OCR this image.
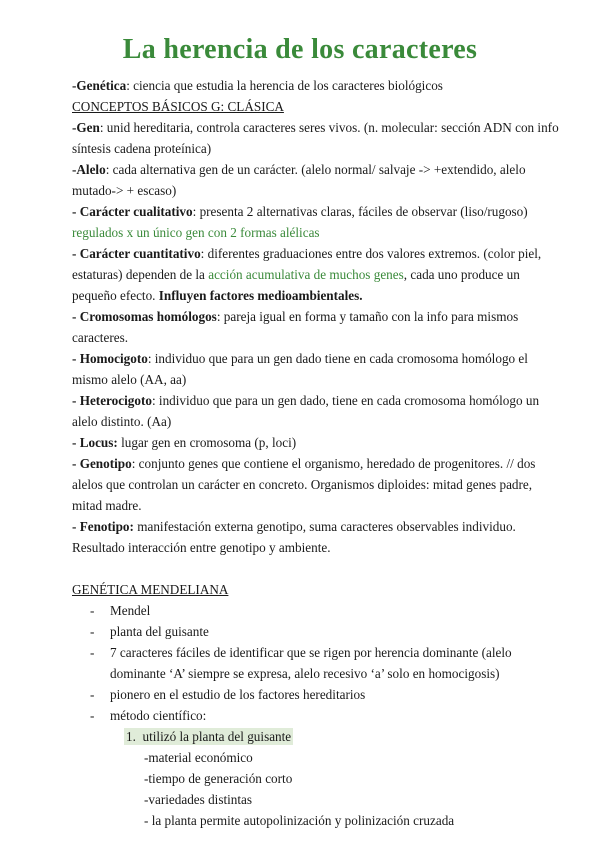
La herencia de los caracteres

-Genética: ciencia que estudia la herencia de los caracteres biológicos

CONCEPTOS BÁSICOS G: CLÁSICA

-Gen: unid hereditaria, controla caracteres seres vivos. (n. molecular: sección ADN con info síntesis cadena proteínica)

-Alelo: cada alternativa gen de un carácter. (alelo normal/ salvaje -> +extendido, alelo mutado-> + escaso)

- Carácter cualitativo: presenta 2 alternativas claras, fáciles de observar (liso/rugoso) regulados x un único gen con 2 formas alélicas

- Carácter cuantitativo: diferentes graduaciones entre dos valores extremos. (color piel, estaturas) dependen de la acción acumulativa de muchos genes, cada uno produce un pequeño efecto. Influyen factores medioambientales.

- Cromosomas homólogos: pareja igual en forma y tamaño con la info para mismos caracteres.

- Homocigoto: individuo que para un gen dado tiene en cada cromosoma homólogo el mismo alelo (AA, aa)

- Heterocigoto: individuo que para un gen dado, tiene en cada cromosoma homólogo un alelo distinto. (Aa)

- Locus: lugar gen en cromosoma (p, loci)

- Genotipo: conjunto genes que contiene el organismo, heredado de progenitores. // dos alelos que controlan un carácter en concreto. Organismos diploides: mitad genes padre, mitad madre.

- Fenotipo: manifestación externa genotipo, suma caracteres observables individuo. Resultado interacción entre genotipo y ambiente.

GENÉTICA MENDELIANA

- Mendel
- planta del guisante
- 7 caracteres fáciles de identificar que se rigen por herencia dominante (alelo dominante ‘A’ siempre se expresa, alelo recesivo ‘a’ solo en homocigosis)
- pionero en el estudio de los factores hereditarios
- método científico:

1. utilizó la planta del guisante

-material económico

-tiempo de generación corto

-variedades distintas

- la planta permite autopolinización y polinización cruzada
